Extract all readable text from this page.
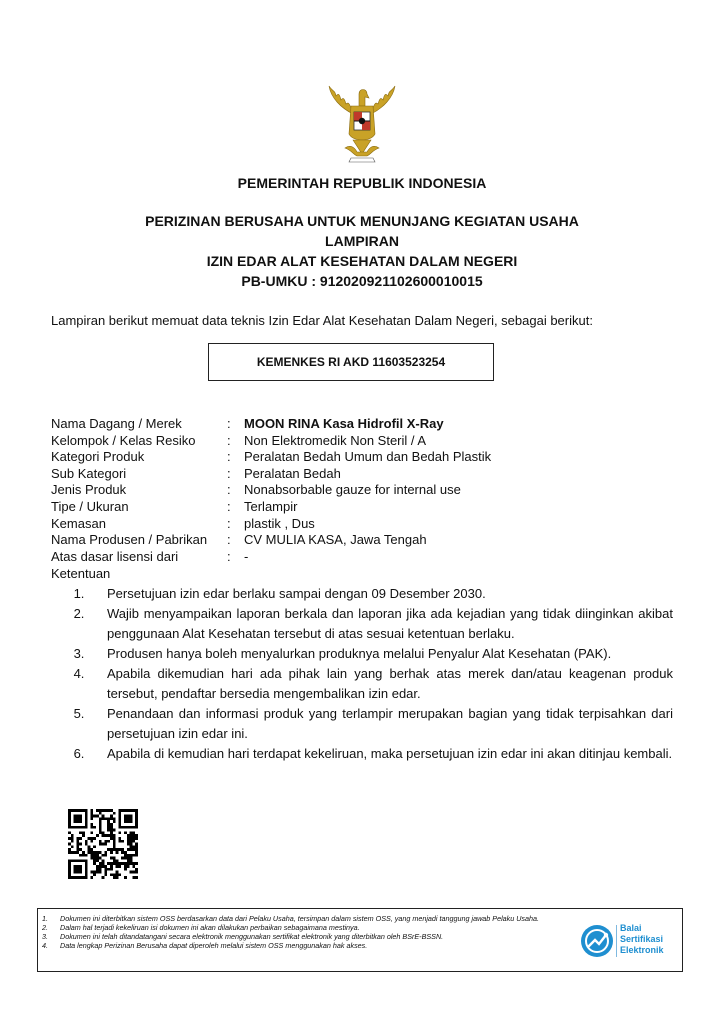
PEMERINTAH REPUBLIK INDONESIA
PERIZINAN BERUSAHA UNTUK MENUNJANG KEGIATAN USAHA
LAMPIRAN
IZIN EDAR ALAT KESEHATAN DALAM NEGERI
PB-UMKU : 912020921102600010015
Lampiran berikut memuat data teknis Izin Edar Alat Kesehatan Dalam Negeri, sebagai berikut:
KEMENKES RI AKD 11603523254
Nama Dagang / Merek	:	MOON RINA Kasa Hidrofil X-Ray
Kelompok / Kelas Resiko	:	Non Elektromedik Non Steril / A
Kategori Produk	:	Peralatan Bedah Umum dan Bedah Plastik
Sub Kategori	:	Peralatan Bedah
Jenis Produk	:	Nonabsorbable gauze for internal use
Tipe / Ukuran	:	Terlampir
Kemasan	:	plastik , Dus
Nama Produsen / Pabrikan	:	CV MULIA KASA, Jawa Tengah
Atas dasar lisensi dari	:	-
Ketentuan
1.	Persetujuan izin edar berlaku sampai dengan 09 Desember 2030.
2.	Wajib menyampaikan laporan berkala dan laporan jika ada kejadian yang tidak diinginkan akibat penggunaan Alat Kesehatan tersebut di atas sesuai ketentuan berlaku.
3.	Produsen hanya boleh menyalurkan produknya melalui Penyalur Alat Kesehatan (PAK).
4.	Apabila dikemudian hari ada pihak lain yang berhak atas merek dan/atau keagenan produk tersebut, pendaftar bersedia mengembalikan izin edar.
5.	Penandaan dan informasi produk yang terlampir merupakan bagian yang tidak terpisahkan dari persetujuan izin edar ini.
6.	Apabila di kemudian hari terdapat kekeliruan, maka persetujuan izin edar ini akan ditinjau kembali.
1.	Dokumen ini diterbitkan sistem OSS berdasarkan data dari Pelaku Usaha, tersimpan dalam sistem OSS, yang menjadi tanggung jawab Pelaku Usaha.
2.	Dalam hal terjadi kekeliruan isi dokumen ini akan dilakukan perbaikan sebagaimana mestinya.
3.	Dokumen ini telah ditandatangani secara elektronik menggunakan sertifikat elektronik yang diterbitkan oleh BSrE-BSSN.
4.	Data lengkap Perizinan Berusaha dapat diperoleh melalui sistem OSS menggunakan hak akses.
Balai
Sertifikasi
Elektronik
